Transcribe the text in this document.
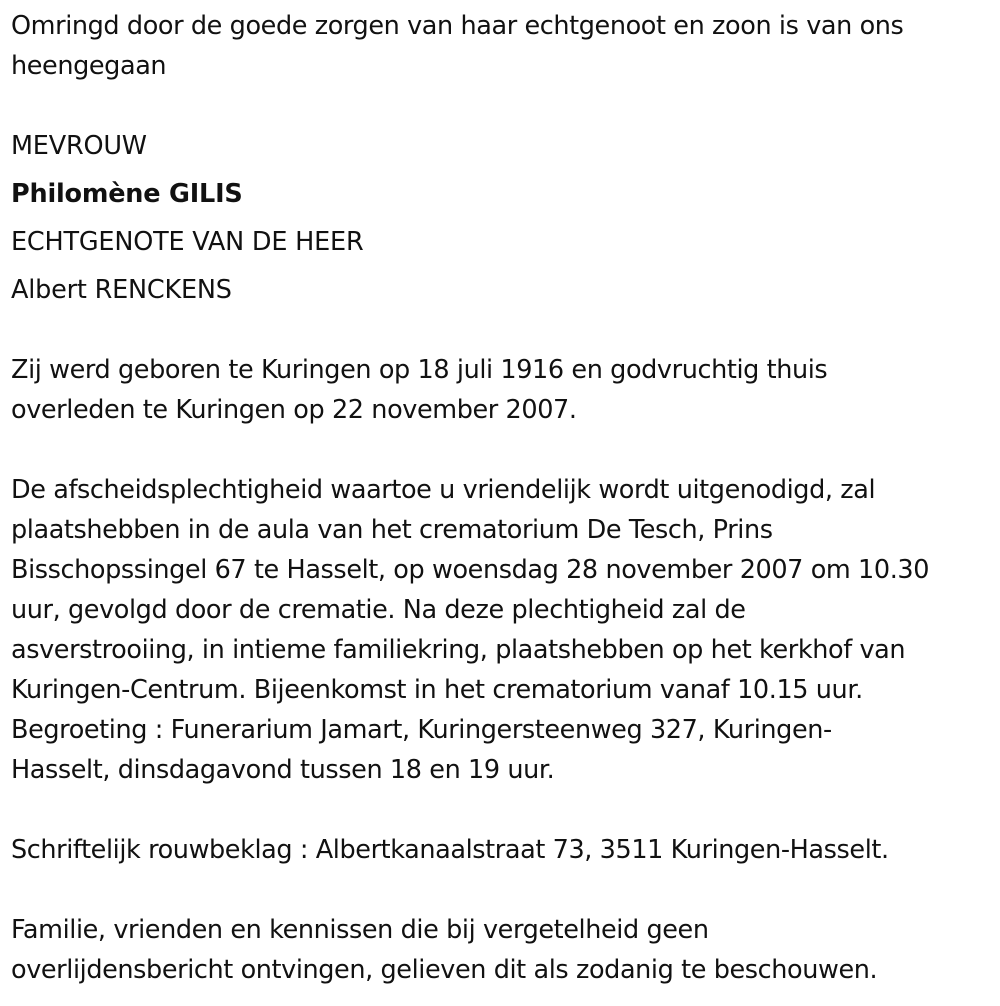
Omringd door de goede zorgen van haar echtgenoot en zoon is van ons
heengegaan
MEVROUW
Philomène GILIS
ECHTGENOTE VAN DE HEER
Albert RENCKENS
Zij werd geboren te Kuringen op 18 juli 1916 en godvruchtig thuis
overleden te Kuringen op 22 november 2007.
De afscheidsplechtigheid waartoe u vriendelijk wordt uitgenodigd, zal
plaatshebben in de aula van het crematorium De Tesch, Prins
Bisschopssingel 67 te Hasselt, op woensdag 28 november 2007 om 10.30
uur, gevolgd door de crematie. Na deze plechtigheid zal de
asverstrooiing, in intieme familiekring, plaatshebben op het kerkhof van
Kuringen-Centrum. Bijeenkomst in het crematorium vanaf 10.15 uur.
Begroeting : Funerarium Jamart, Kuringersteenweg 327, Kuringen-
Hasselt, dinsdagavond tussen 18 en 19 uur.
Schriftelijk rouwbeklag : Albertkanaalstraat 73, 3511 Kuringen-Hasselt.
Familie, vrienden en kennissen die bij vergetelheid geen
overlijdensbericht ontvingen, gelieven dit als zodanig te beschouwen.
